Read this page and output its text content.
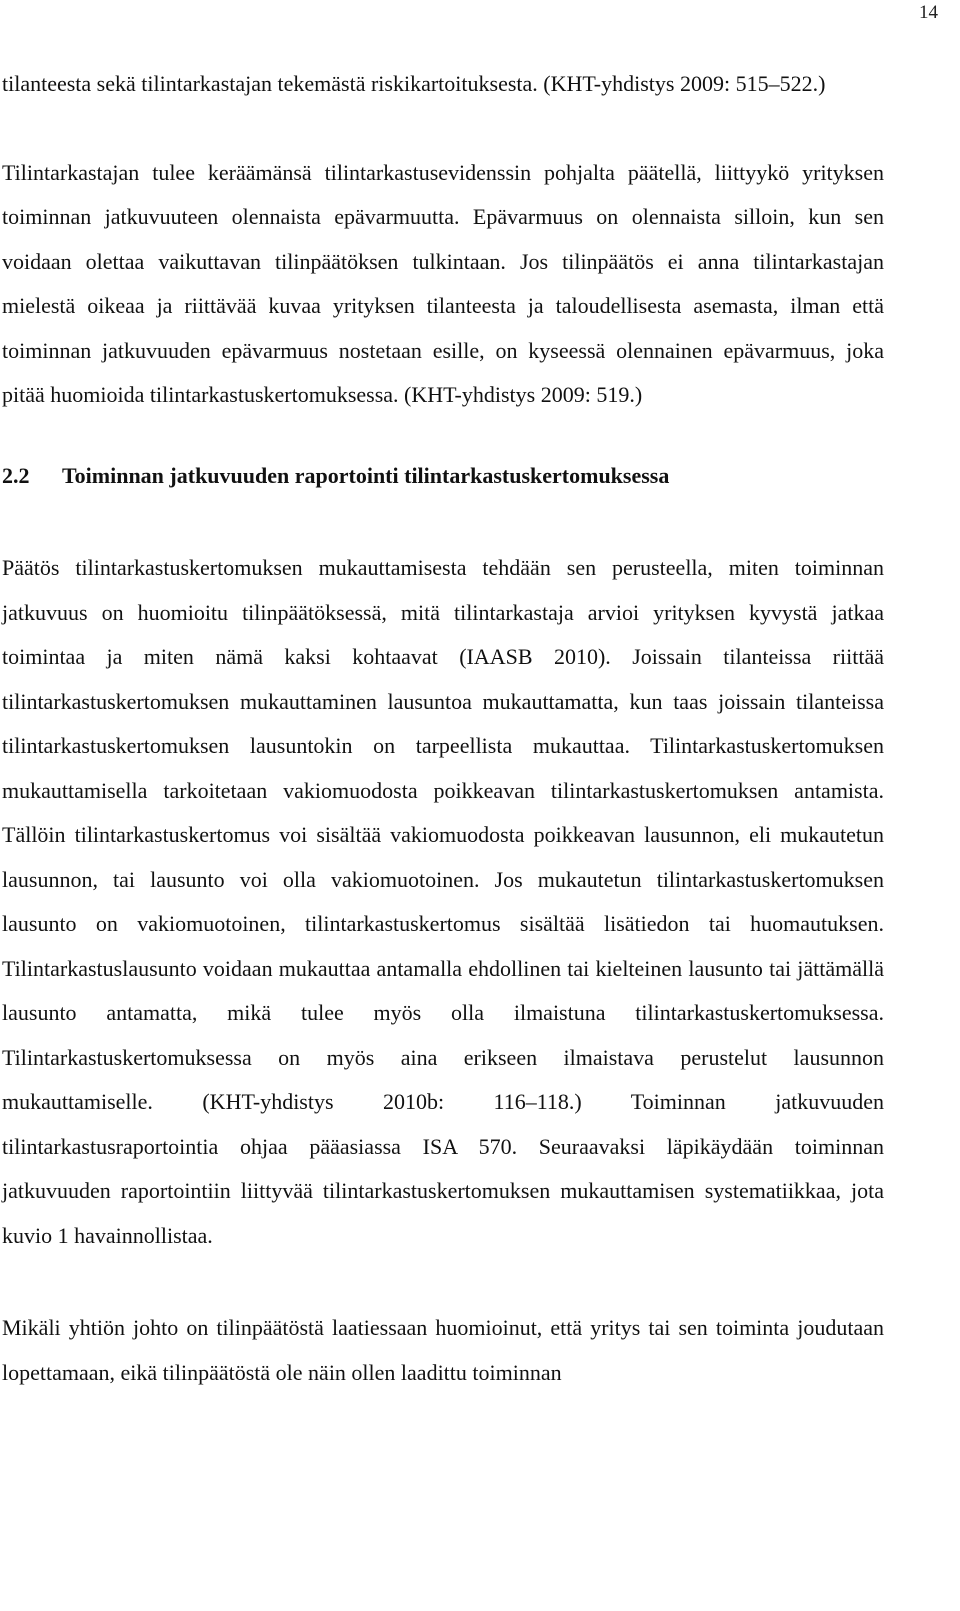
14

tilanteesta sekä tilintarkastajan tekemästä riskikartoituksesta. (KHT-yhdistys 2009: 515–522.)

Tilintarkastajan tulee keräämänsä tilintarkastusevidenssin pohjalta päätellä, liittyykö yrityksen toiminnan jatkuvuuteen olennaista epävarmuutta. Epävarmuus on olennaista silloin, kun sen voidaan olettaa vaikuttavan tilinpäätöksen tulkintaan. Jos tilinpäätös ei anna tilintarkastajan mielestä oikeaa ja riittävää kuvaa yrityksen tilanteesta ja taloudellisesta asemasta, ilman että toiminnan jatkuvuuden epävarmuus nostetaan esille, on kyseessä olennainen epävarmuus, joka pitää huomioida tilintarkastuskertomuksessa. (KHT-yhdistys 2009: 519.)

2.2 Toiminnan jatkuvuuden raportointi tilintarkastuskertomuksessa

Päätös tilintarkastuskertomuksen mukauttamisesta tehdään sen perusteella, miten toiminnan jatkuvuus on huomioitu tilinpäätöksessä, mitä tilintarkastaja arvioi yrityksen kyvystä jatkaa toimintaa ja miten nämä kaksi kohtaavat (IAASB 2010). Joissain tilanteissa riittää tilintarkastuskertomuksen mukauttaminen lausuntoa mukauttamatta, kun taas joissain tilanteissa tilintarkastuskertomuksen lausuntokin on tarpeellista mukauttaa. Tilintarkastuskertomuksen mukauttamisella tarkoitetaan vakiomuodosta poikkeavan tilintarkastuskertomuksen antamista. Tällöin tilintarkastuskertomus voi sisältää vakiomuodosta poikkeavan lausunnon, eli mukautetun lausunnon, tai lausunto voi olla vakiomuotoinen. Jos mukautetun tilintarkastuskertomuksen lausunto on vakiomuotoinen, tilintarkastuskertomus sisältää lisätiedon tai huomautuksen. Tilintarkastuslausunto voidaan mukauttaa antamalla ehdollinen tai kielteinen lausunto tai jättämällä lausunto antamatta, mikä tulee myös olla ilmaistuna tilintarkastuskertomuksessa. Tilintarkastuskertomuksessa on myös aina erikseen ilmaistava perustelut lausunnon mukauttamiselle. (KHT-yhdistys 2010b: 116–118.) Toiminnan jatkuvuuden tilintarkastusraportointia ohjaa pääasiassa ISA 570. Seuraavaksi läpikäydään toiminnan jatkuvuuden raportointiin liittyvää tilintarkastuskertomuksen mukauttamisen systematiikkaa, jota kuvio 1 havainnollistaa.

Mikäli yhtiön johto on tilinpäätöstä laatiessaan huomioinut, että yritys tai sen toiminta joudutaan lopettamaan, eikä tilinpäätöstä ole näin ollen laadittu toiminnan
